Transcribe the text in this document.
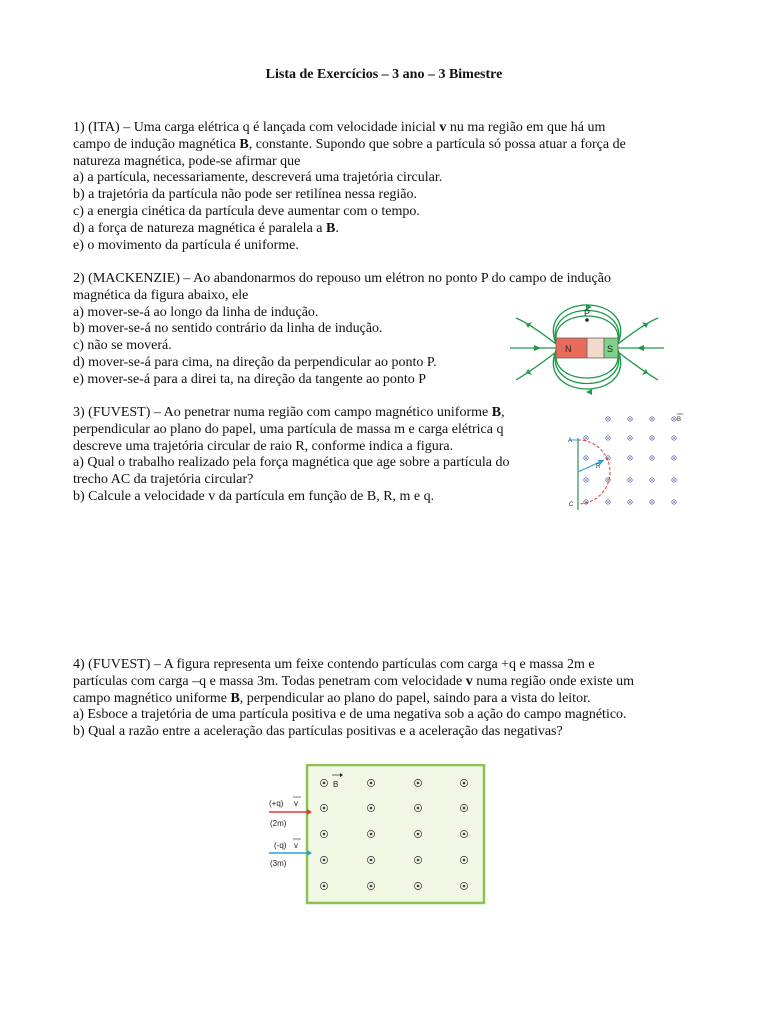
Lista de Exercícios – 3 ano – 3 Bimestre

1) (ITA) – Uma carga elétrica q é lançada com velocidade inicial v nu ma região em que há um

campo de indução magnética B, constante. Supondo que sobre a partícula só possa atuar a força de

natureza magnética, pode-se afirmar que

a) a partícula, necessariamente, descreverá uma trajetória circular.

b) a trajetória da partícula não pode ser retilínea nessa região.

c) a energia cinética da partícula deve aumentar com o tempo.

d) a força de natureza magnética é paralela a B.

e) o movimento da partícula é uniforme.

2) (MACKENZIE) – Ao abandonarmos do repouso um elétron no ponto P do campo de indução

magnética da figura abaixo, ele

a) mover-se-á ao longo da linha de indução.

b) mover-se-á no sentido contrário da linha de indução.

c) não se moverá.

d) mover-se-á para cima, na direção da perpendicular ao ponto P.

e) mover-se-á para a direi ta, na direção da tangente ao ponto P

N	S
P

3) (FUVEST) – Ao penetrar numa região com campo magnético uniforme B,

perpendicular ao plano do papel, uma partícula de massa m e carga elétrica q

descreve uma trajetória circular de raio R, conforme indica a figura.

a) Qual o trabalho realizado pela força magnética que age sobre a partícula do

trecho AC da trajetória circular?

b) Calcule a velocidade v da partícula em função de B, R, m e q.

A
C
R
B

4) (FUVEST) – A figura representa um feixe contendo partículas com carga +q e massa 2m e

partículas com carga –q e massa 3m. Todas penetram com velocidade v numa região onde existe um

campo magnético uniforme B, perpendicular ao plano do papel, saindo para a vista do leitor.

a) Esboce a trajetória de uma partícula positiva e de uma negativa sob a ação do campo magnético.

b) Qual a razão entre a aceleração das partículas positivas e a aceleração das negativas?

B
(+q) v
(2m)
(-q) v
(3m)
